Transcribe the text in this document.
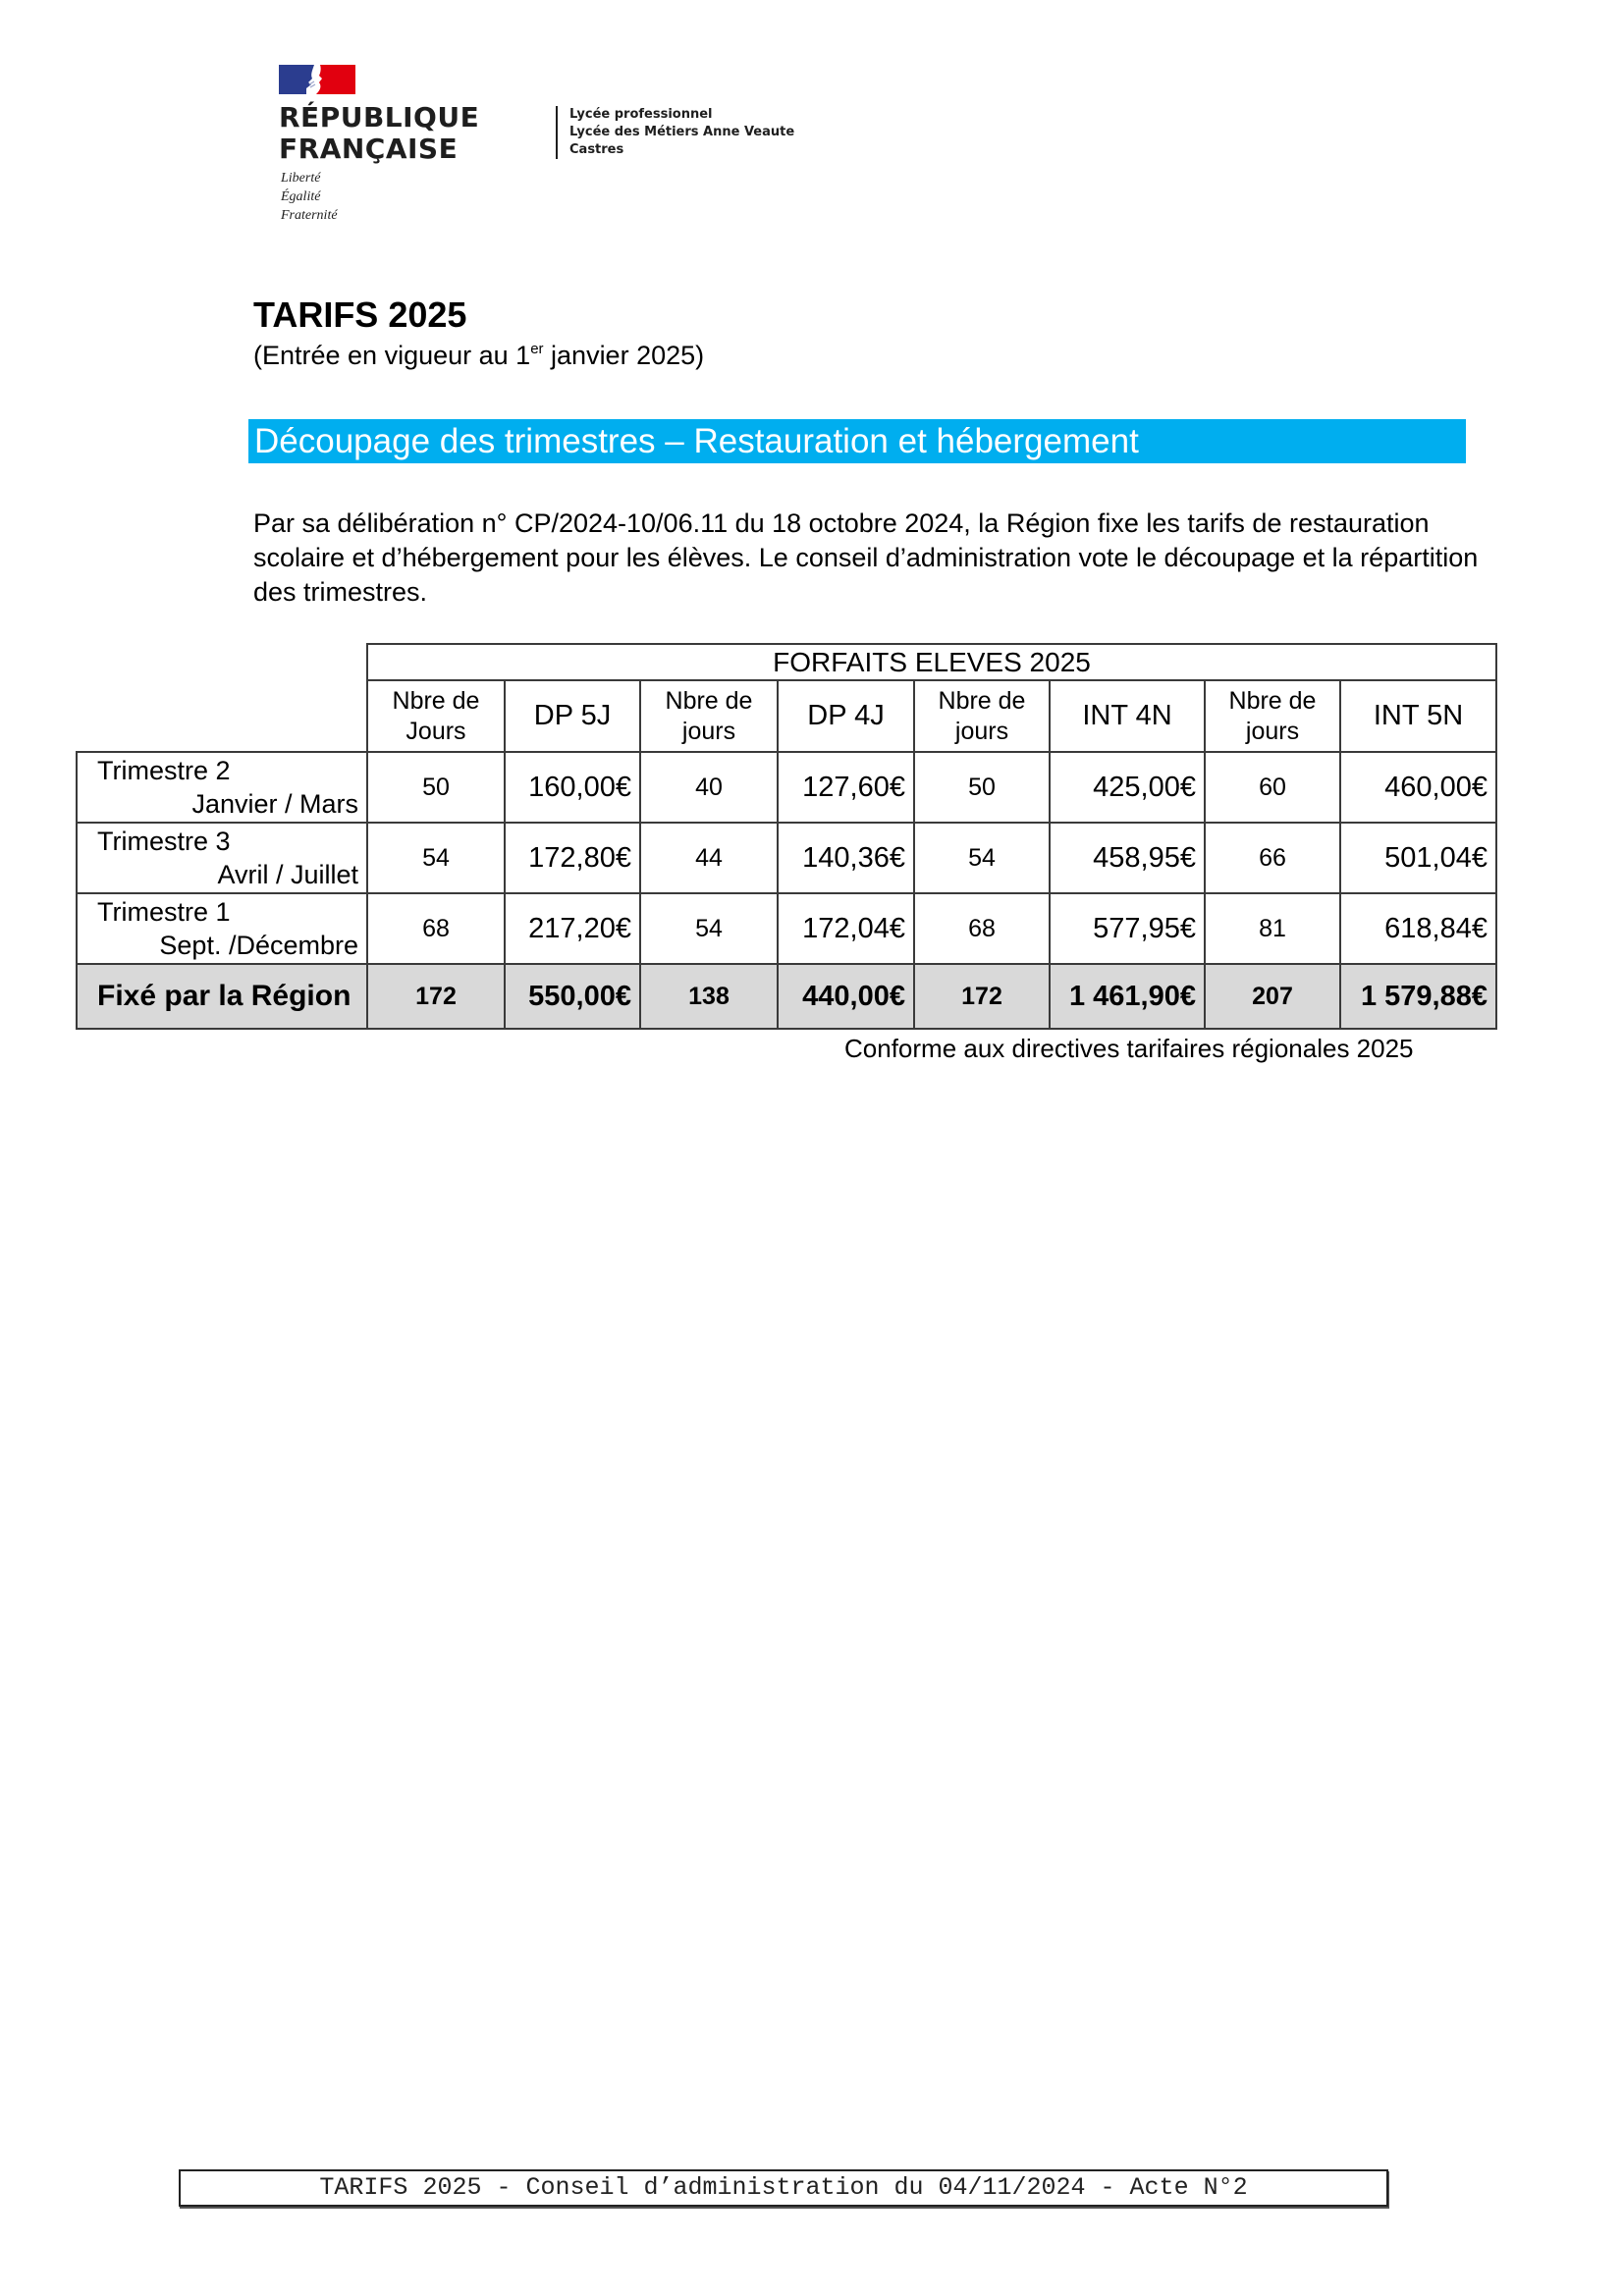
RÉPUBLIQUE
FRANÇAISE
Liberté
Égalité
Fraternité
Lycée professionnel
Lycée des Métiers Anne Veaute
Castres
TARIFS 2025
(Entrée en vigueur au 1er janvier 2025)
Découpage des trimestres – Restauration et hébergement
Par sa délibération n° CP/2024-10/06.11 du 18 octobre 2024, la Région fixe les tarifs de restauration scolaire et d’hébergement pour les élèves. Le conseil d’administration vote le découpage et la répartition des trimestres.
	FORFAITS ELEVES 2025							
	Nbre de
Jours	DP 5J	Nbre de
jours	DP 4J	Nbre de
jours	INT 4N	Nbre de
jours	INT 5N

Trimestre 2
Janvier / Mars	50	160,00€	40	127,60€	50	425,00€	60	460,00€

Trimestre 3
Avril / Juillet	54	172,80€	44	140,36€	54	458,95€	66	501,04€

Trimestre 1
Sept. /Décembre	68	217,20€	54	172,04€	68	577,95€	81	618,84€
Fixé par la Région	172	550,00€	138	440,00€	172	1 461,90€	207	1 579,88€
Conforme aux directives tarifaires régionales 2025
TARIFS 2025 - Conseil d’administration du 04/11/2024 - Acte N°2
